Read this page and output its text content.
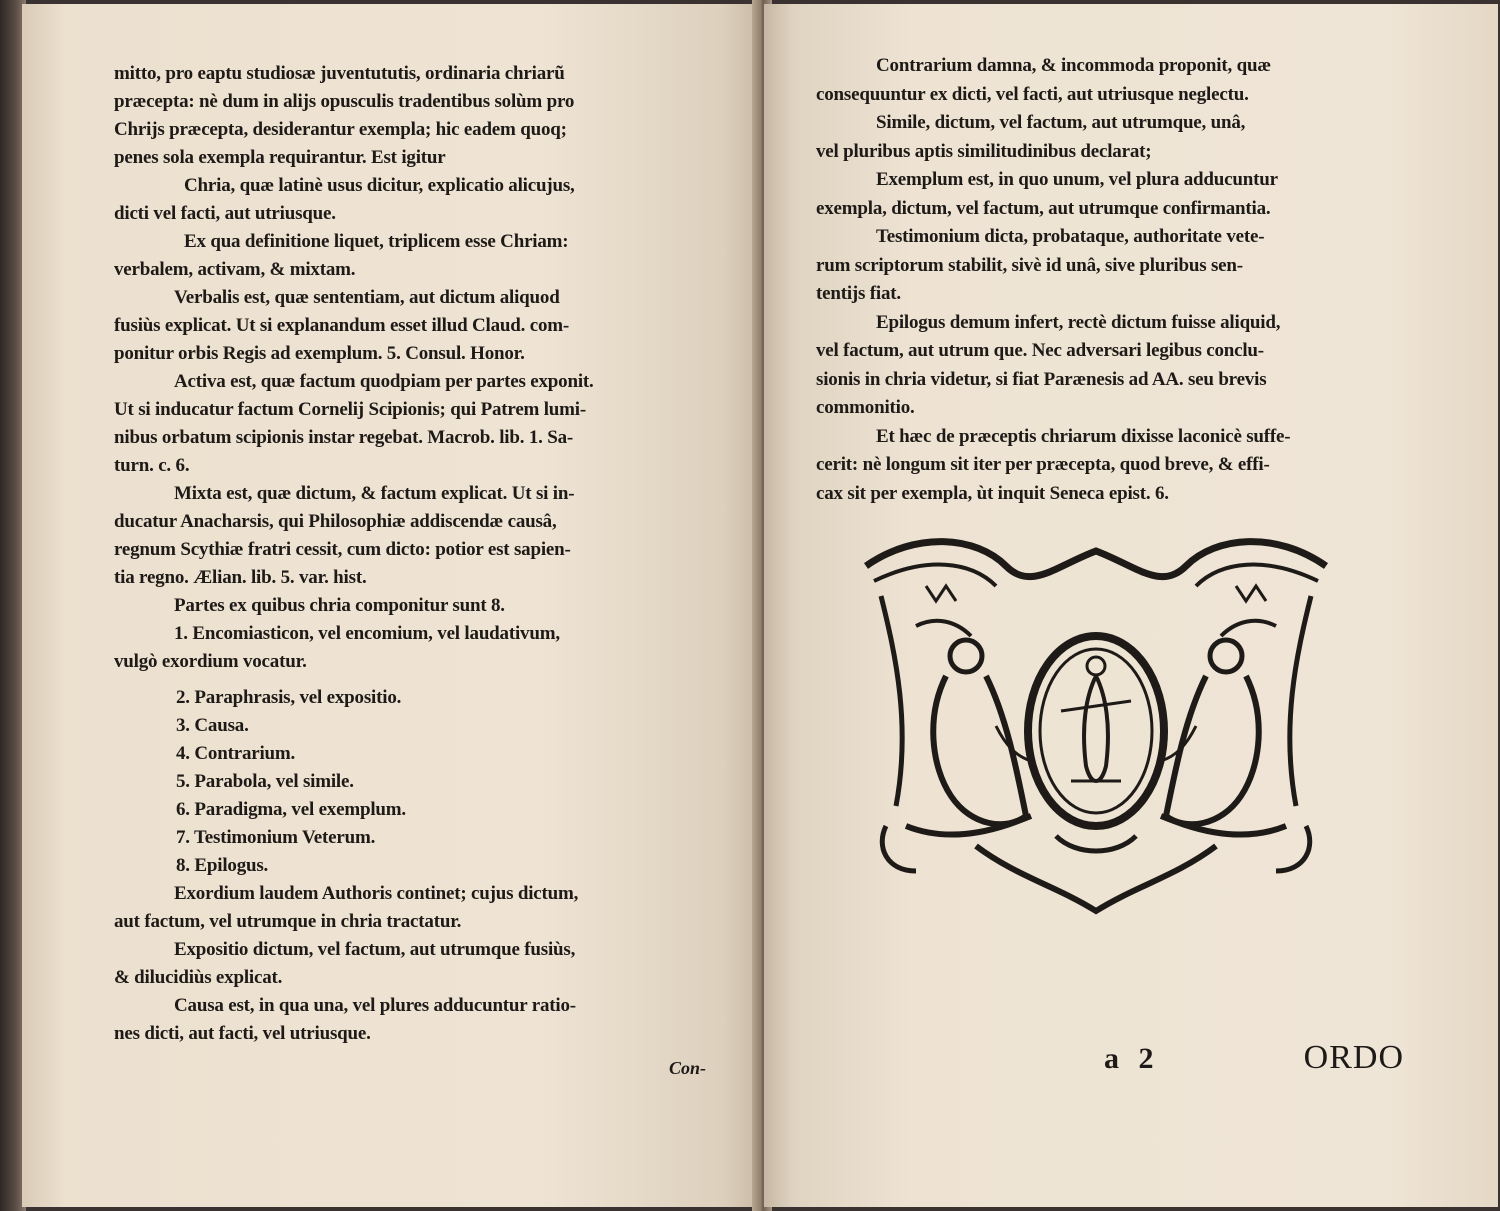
mitto, pro eaptu studiosæ juventututis, ordinaria chriarũ
præcepta: nè dum in alijs opusculis tradentibus solùm pro
Chrijs præcepta, desiderantur exempla; hic eadem quoq;
penes sola exempla requirantur. Est igitur
Chria, quæ latinè usus dicitur, explicatio alicujus,
dicti vel facti, aut utriusque.
Ex qua definitione liquet, triplicem esse Chriam:
verbalem, activam, & mixtam.
Verbalis est, quæ sententiam, aut dictum aliquod
fusiùs explicat. Ut si explanandum esset illud Claud. com-
ponitur orbis Regis ad exemplum. 5. Consul. Honor.
Activa est, quæ factum quodpiam per partes exponit.
Ut si inducatur factum Cornelij Scipionis; qui Patrem lumi-
nibus orbatum scipionis instar regebat. Macrob. lib. 1. Sa-
turn. c. 6.
Mixta est, quæ dictum, & factum explicat. Ut si in-
ducatur Anacharsis, qui Philosophiæ addiscendæ causâ,
regnum Scythiæ fratri cessit, cum dicto: potior est sapien-
tia regno. Ælian. lib. 5. var. hist.
Partes ex quibus chria componitur sunt 8.
1. Encomiasticon, vel encomium, vel laudativum,
vulgò exordium vocatur.
2. Paraphrasis, vel expositio.
3. Causa.
4. Contrarium.
5. Parabola, vel simile.
6. Paradigma, vel exemplum.
7. Testimonium Veterum.
8. Epilogus.
Exordium laudem Authoris continet; cujus dictum,
aut factum, vel utrumque in chria tractatur.
Expositio dictum, vel factum, aut utrumque fusiùs,
& dilucidiùs explicat.
Causa est, in qua una, vel plures adducuntur ratio-
nes dicti, aut facti, vel utriusque.
Con-
Contrarium damna, & incommoda proponit, quæ
consequuntur ex dicti, vel facti, aut utriusque neglectu.
Simile, dictum, vel factum, aut utrumque, unâ,
vel pluribus aptis similitudinibus declarat;
Exemplum est, in quo unum, vel plura adducuntur
exempla, dictum, vel factum, aut utrumque confirmantia.
Testimonium dicta, probataque, authoritate vete-
rum scriptorum stabilit, sivè id unâ, sive pluribus sen-
tentijs fiat.
Epilogus demum infert, rectè dictum fuisse aliquid,
vel factum, aut utrum que. Nec adversari legibus conclu-
sionis in chria videtur, si fiat Parænesis ad AA. seu brevis
commonitio.
Et hæc de præceptis chriarum dixisse laconicè suffe-
cerit: nè longum sit iter per præcepta, quod breve, & effi-
cax sit per exempla, ùt inquit Seneca epist. 6.
a 2	ORDO
